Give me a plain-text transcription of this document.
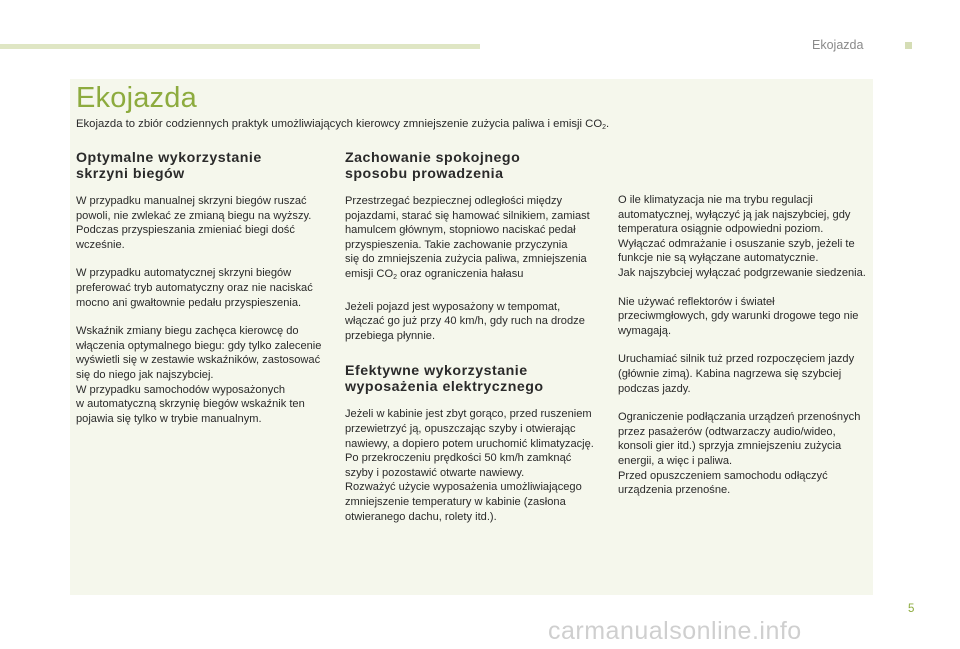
Ekojazda
Ekojazda
Ekojazda to zbiór codziennych praktyk umożliwiających kierowcy zmniejszenie zużycia paliwa i emisji $CO_2$.
Optymalne wykorzystanie
skrzyni biegów

W przypadku manualnej skrzyni biegów ruszać
powoli, nie zwlekać ze zmianą biegu na wyższy.
Podczas przyspieszania zmieniać biegi dość
wcześnie.

W przypadku automatycznej skrzyni biegów
preferować tryb automatyczny oraz nie naciskać
mocno ani gwałtownie pedału przyspieszenia.

Wskaźnik zmiany biegu zachęca kierowcę do
włączenia optymalnego biegu: gdy tylko zalecenie
wyświetli się w zestawie wskaźników, zastosować
się do niego jak najszybciej.
W przypadku samochodów wyposażonych
w automatyczną skrzynię biegów wskaźnik ten
pojawia się tylko w trybie manualnym.

Zachowanie spokojnego
sposobu prowadzenia

Przestrzegać bezpiecznej odległości między
pojazdami, starać się hamować silnikiem, zamiast
hamulcem głównym, stopniowo naciskać pedał
przyspieszenia. Takie zachowanie przyczynia
się do zmniejszenia zużycia paliwa, zmniejszenia
emisji $CO_2$ oraz ograniczenia hałasu

Jeżeli pojazd jest wyposażony w tempomat,
włączać go już przy 40 km/h, gdy ruch na drodze
przebiega płynnie.

Efektywne wykorzystanie
wyposażenia elektrycznego

Jeżeli w kabinie jest zbyt gorąco, przed ruszeniem
przewietrzyć ją, opuszczając szyby i otwierając
nawiewy, a dopiero potem uruchomić klimatyzację.
Po przekroczeniu prędkości 50 km/h zamknąć
szyby i pozostawić otwarte nawiewy.
Rozważyć użycie wyposażenia umożliwiającego
zmniejszenie temperatury w kabinie (zasłona
otwieranego dachu, rolety itd.).

O ile klimatyzacja nie ma trybu regulacji
automatycznej, wyłączyć ją jak najszybciej, gdy
temperatura osiągnie odpowiedni poziom.
Wyłączać odmrażanie i osuszanie szyb, jeżeli te
funkcje nie są wyłączane automatycznie.
Jak najszybciej wyłączać podgrzewanie siedzenia.

Nie używać reflektorów i świateł
przeciwmgłowych, gdy warunki drogowe tego nie
wymagają.

Uruchamiać silnik tuż przed rozpoczęciem jazdy
(głównie zimą). Kabina nagrzewa się szybciej
podczas jazdy.

Ograniczenie podłączania urządzeń przenośnych
przez pasażerów (odtwarzaczy audio/wideo,
konsoli gier itd.) sprzyja zmniejszeniu zużycia
energii, a więc i paliwa.
Przed opuszczeniem samochodu odłączyć
urządzenia przenośne.

5
carmanualsonline.info
